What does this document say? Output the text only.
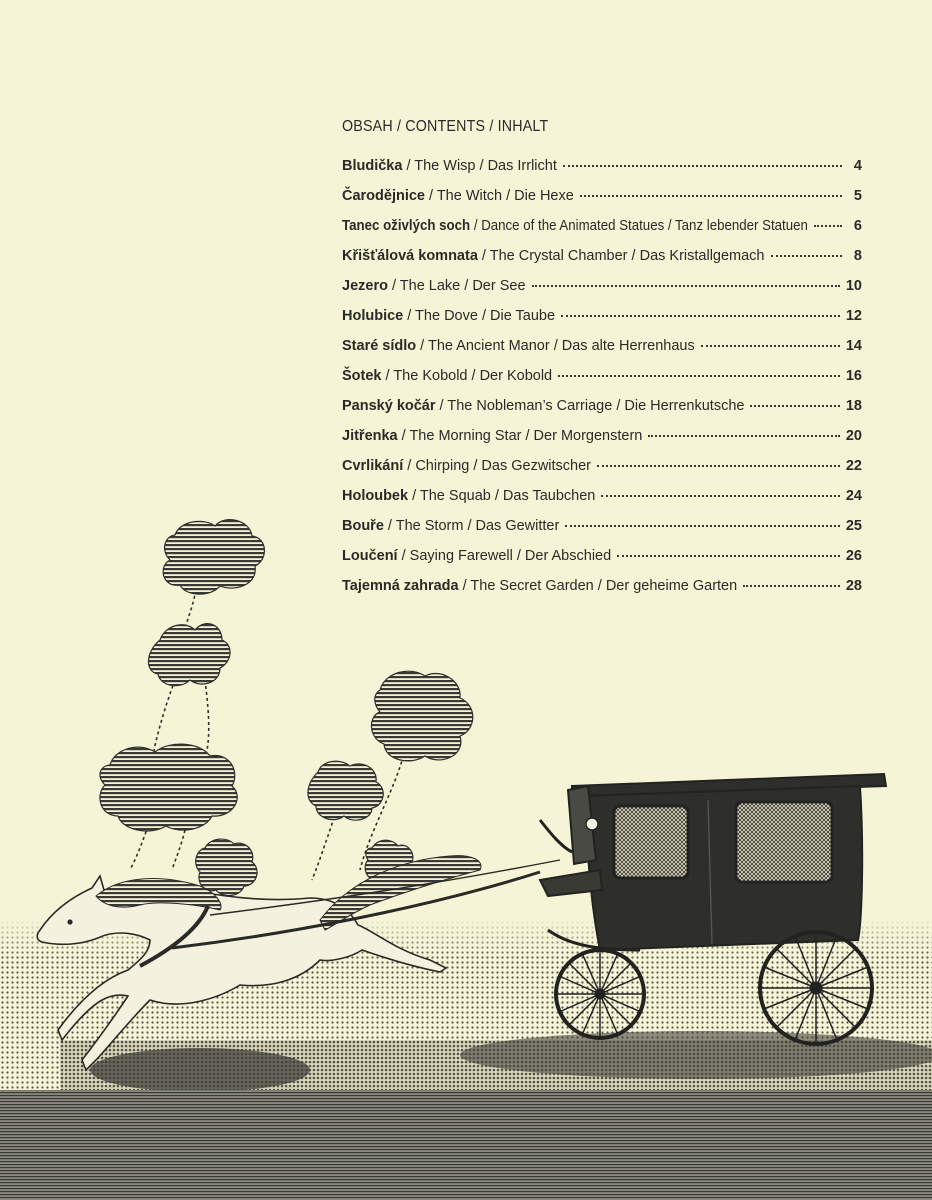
OBSAH / CONTENTS / INHALT
Bludička / The Wisp / Das Irrlicht	4
Čarodějnice / The Witch / Die Hexe	5
Tanec oživlých soch / Dance of the Animated Statues / Tanz lebender Statuen	6
Křišťálová komnata / The Crystal Chamber / Das Kristallgemach	8
Jezero / The Lake / Der See	10
Holubice / The Dove / Die Taube	12
Staré sídlo / The Ancient Manor / Das alte Herrenhaus	14
Šotek / The Kobold / Der Kobold	16
Panský kočár / The Nobleman’s Carriage / Die Herrenkutsche	18
Jitřenka / The Morning Star / Der Morgenstern	20
Cvrlikání / Chirping / Das Gezwitscher	22
Holoubek / The Squab / Das Taubchen	24
Bouře / The Storm / Das Gewitter	25
Loučení / Saying Farewell / Der Abschied	26
Tajemná zahrada / The Secret Garden / Der geheime Garten	28
